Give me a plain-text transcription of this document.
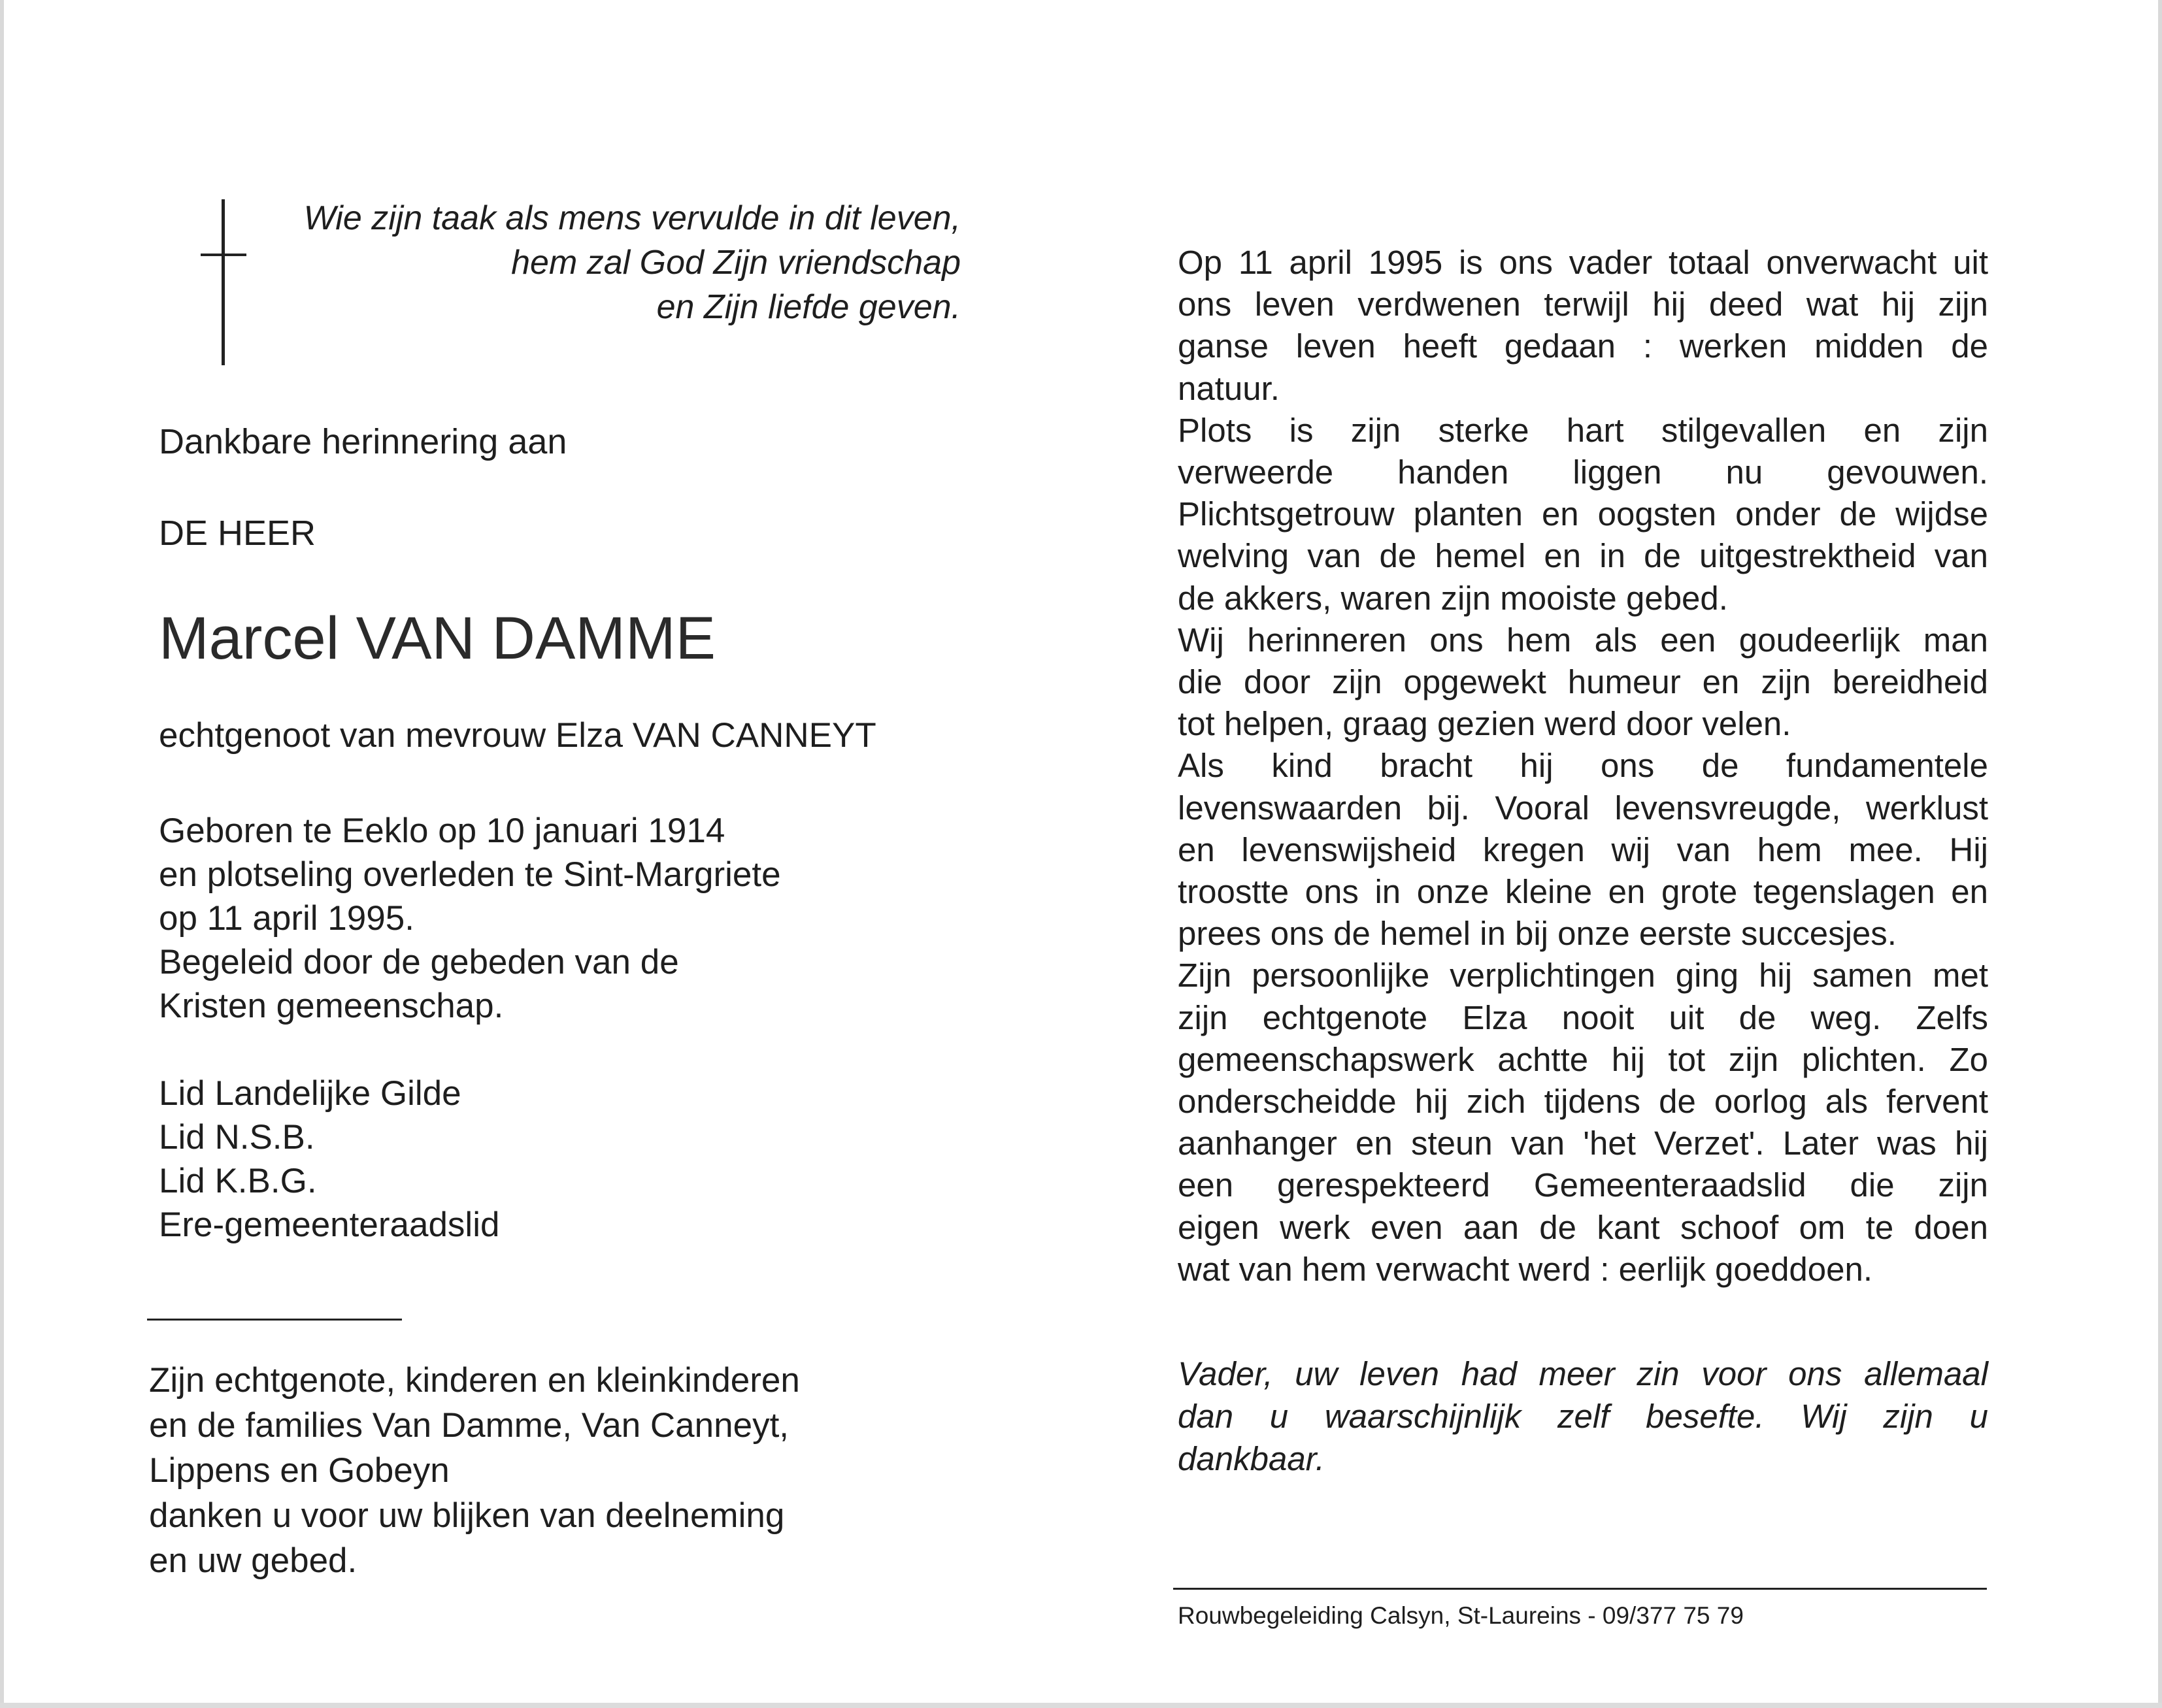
Wie zijn taak als mens vervulde in dit leven,
hem zal God Zijn vriendschap
en Zijn liefde geven.
Dankbare herinnering aan
DE HEER
Marcel VAN DAMME
echtgenoot van mevrouw Elza VAN CANNEYT
Geboren te Eeklo op 10 januari 1914
en plotseling overleden te Sint-Margriete
op 11 april 1995.
Begeleid door de gebeden van de
Kristen gemeenschap.
Lid Landelijke Gilde
Lid N.S.B.
Lid K.B.G.
Ere-gemeenteraadslid
Zijn echtgenote, kinderen en kleinkinderen
en de families Van Damme, Van Canneyt,
Lippens en Gobeyn
danken u voor uw blijken van deelneming
en uw gebed.
Op 11 april 1995 is ons vader totaal onverwacht uit
ons leven verdwenen terwijl hij deed wat hij zijn
ganse leven heeft gedaan : werken midden de
natuur.
Plots is zijn sterke hart stilgevallen en zijn
verweerde handen liggen nu gevouwen.
Plichtsgetrouw planten en oogsten onder de wijdse
welving van de hemel en in de uitgestrektheid van
de akkers, waren zijn mooiste gebed.
Wij herinneren ons hem als een goudeerlijk man
die door zijn opgewekt humeur en zijn bereidheid
tot helpen, graag gezien werd door velen.
Als kind bracht hij ons de fundamentele
levenswaarden bij. Vooral levensvreugde, werklust
en levenswijsheid kregen wij van hem mee. Hij
troostte ons in onze kleine en grote tegenslagen en
prees ons de hemel in bij onze eerste succesjes.
Zijn persoonlijke verplichtingen ging hij samen met
zijn echtgenote Elza nooit uit de weg. Zelfs
gemeenschapswerk achtte hij tot zijn plichten. Zo
onderscheidde hij zich tijdens de oorlog als fervent
aanhanger en steun van 'het Verzet'. Later was hij
een gerespekteerd Gemeenteraadslid die zijn
eigen werk even aan de kant schoof om te doen
wat van hem verwacht werd : eerlijk goeddoen.
Vader, uw leven had meer zin voor ons allemaal
dan u waarschijnlijk zelf besefte. Wij zijn u
dankbaar.
Rouwbegeleiding Calsyn, St-Laureins - 09/377 75 79
